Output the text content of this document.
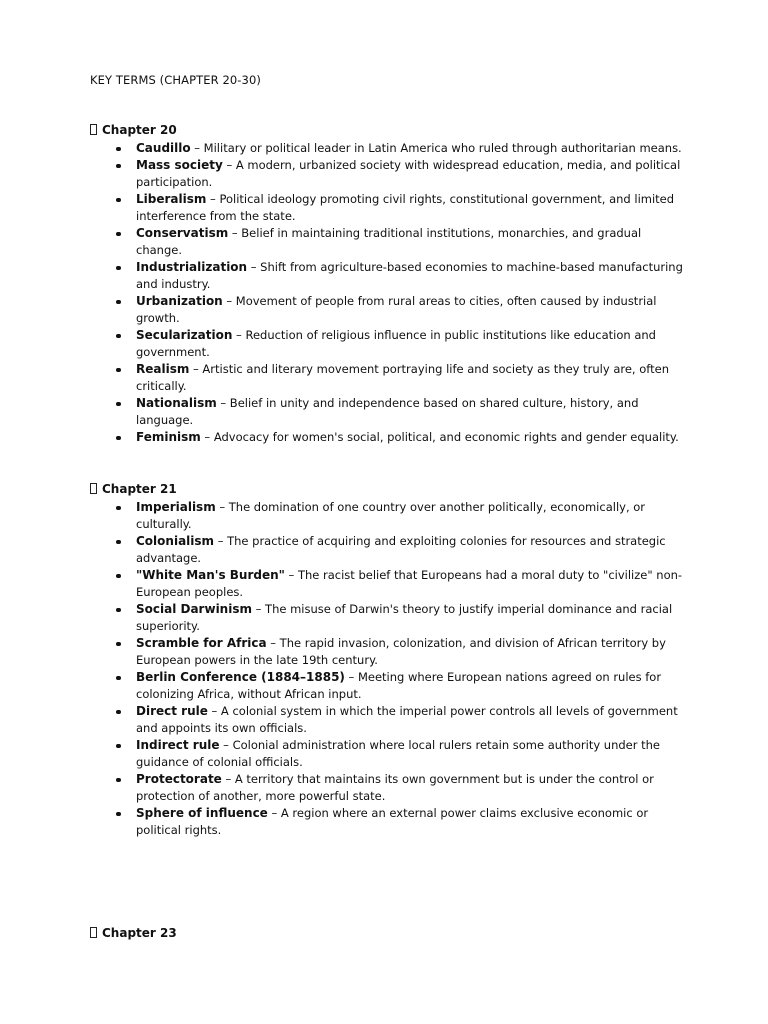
KEY TERMS (CHAPTER 20-30)
Chapter 20
Caudillo – Military or political leader in Latin America who ruled through authoritarian means.
Mass society – A modern, urbanized society with widespread education, media, and political participation.
Liberalism – Political ideology promoting civil rights, constitutional government, and limited interference from the state.
Conservatism – Belief in maintaining traditional institutions, monarchies, and gradual change.
Industrialization – Shift from agriculture-based economies to machine-based manufacturing and industry.
Urbanization – Movement of people from rural areas to cities, often caused by industrial growth.
Secularization – Reduction of religious influence in public institutions like education and government.
Realism – Artistic and literary movement portraying life and society as they truly are, often critically.
Nationalism – Belief in unity and independence based on shared culture, history, and language.
Feminism – Advocacy for women's social, political, and economic rights and gender equality.
Chapter 21
Imperialism – The domination of one country over another politically, economically, or culturally.
Colonialism – The practice of acquiring and exploiting colonies for resources and strategic advantage.
"White Man's Burden" – The racist belief that Europeans had a moral duty to "civilize" non-European peoples.
Social Darwinism – The misuse of Darwin's theory to justify imperial dominance and racial superiority.
Scramble for Africa – The rapid invasion, colonization, and division of African territory by European powers in the late 19th century.
Berlin Conference (1884–1885) – Meeting where European nations agreed on rules for colonizing Africa, without African input.
Direct rule – A colonial system in which the imperial power controls all levels of government and appoints its own officials.
Indirect rule – Colonial administration where local rulers retain some authority under the guidance of colonial officials.
Protectorate – A territory that maintains its own government but is under the control or protection of another, more powerful state.
Sphere of influence – A region where an external power claims exclusive economic or political rights.
Chapter 23
